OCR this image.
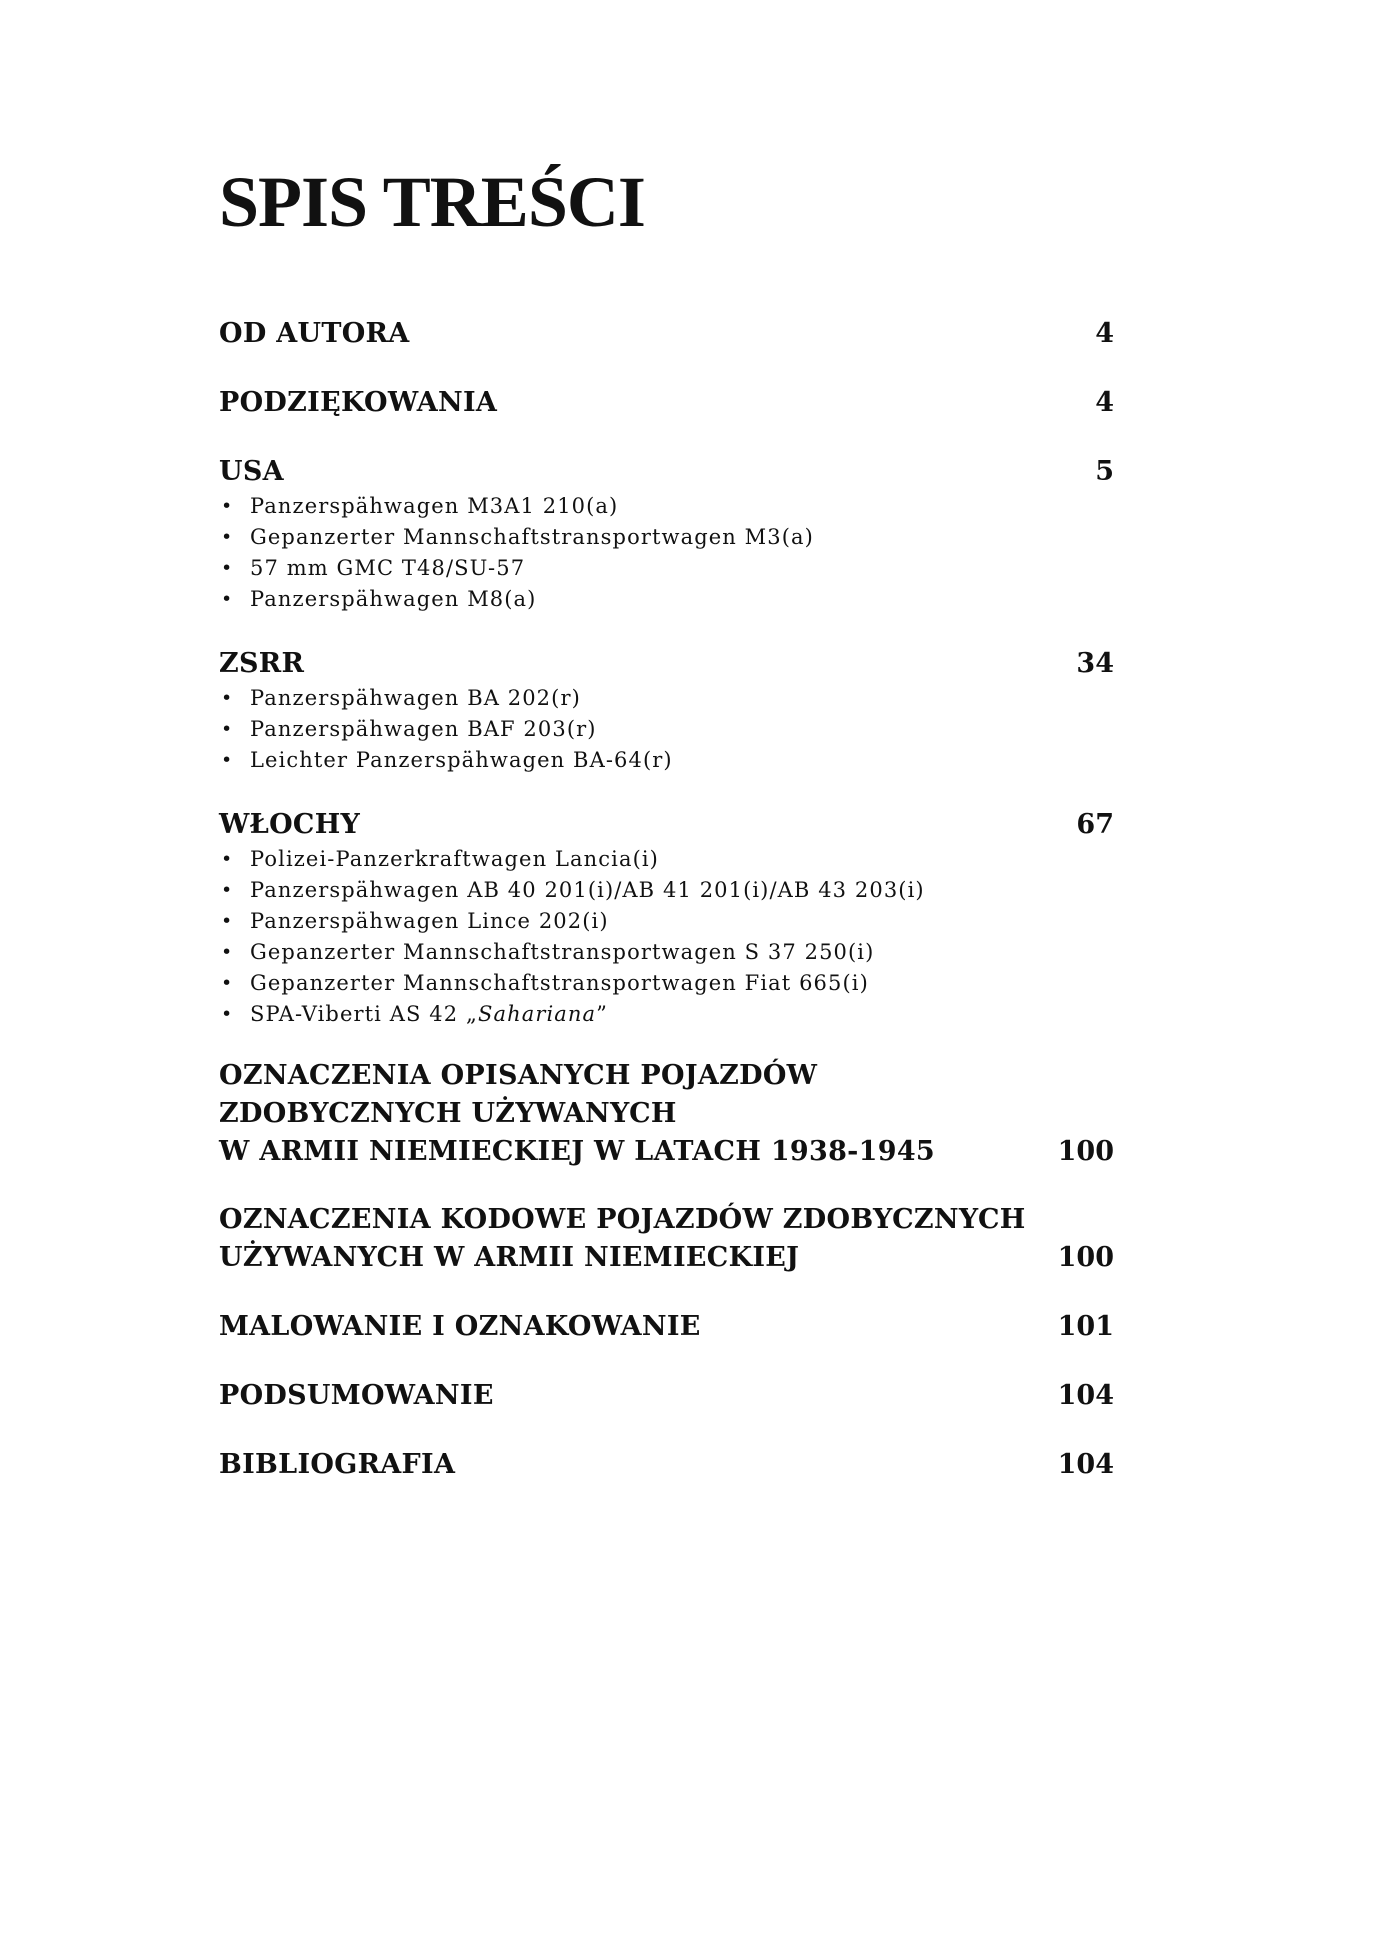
SPIS TREŚCI
OD AUTORA	4
PODZIĘKOWANIA	4
USA	5
• Panzerspähwagen M3A1 210(a)
• Gepanzerter Mannschaftstransportwagen M3(a)
• 57 mm GMC T48/SU-57
• Panzerspähwagen M8(a)
ZSRR	34
• Panzerspähwagen BA 202(r)
• Panzerspähwagen BAF 203(r)
• Leichter Panzerspähwagen BA-64(r)
WŁOCHY	67
• Polizei-Panzerkraftwagen Lancia(i)
• Panzerspähwagen AB 40 201(i)/AB 41 201(i)/AB 43 203(i)
• Panzerspähwagen Lince 202(i)
• Gepanzerter Mannschaftstransportwagen S 37 250(i)
• Gepanzerter Mannschaftstransportwagen Fiat 665(i)
• SPA-Viberti AS 42 „Sahariana”
OZNACZENIA OPISANYCH POJAZDÓW
ZDOBYCZNYCH UŻYWANYCH
W ARMII NIEMIECKIEJ W LATACH 1938-1945	100
OZNACZENIA KODOWE POJAZDÓW ZDOBYCZNYCH
UŻYWANYCH W ARMII NIEMIECKIEJ	100
MALOWANIE I OZNAKOWANIE	101
PODSUMOWANIE	104
BIBLIOGRAFIA	104
